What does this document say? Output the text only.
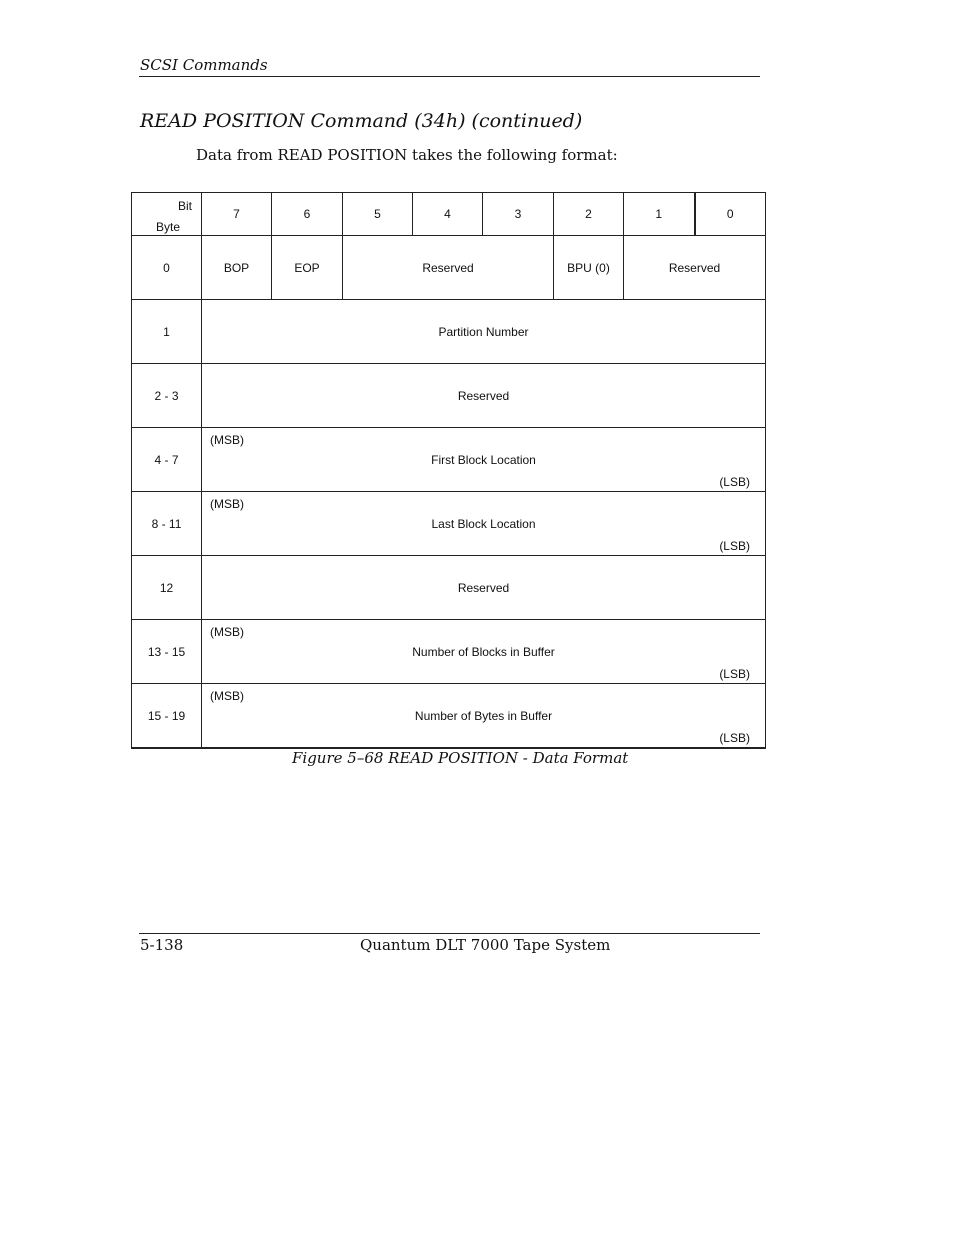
SCSI Commands
READ POSITION Command (34h) (continued)
Data from READ POSITION takes the following format:
Bit
Byte	7	6	5	4	3	2	1	0
0	BOP	EOP	Reserved			BPU (0)	Reserved	
1	Partition Number							
2 - 3	Reserved							
4 - 7	(MSB)
First Block Location
(LSB)							

8 - 11	(MSB)
Last Block Location
(LSB)							

12	Reserved							
13 - 15	(MSB)
Number of Blocks in Buffer
(LSB)							

15 - 19	(MSB)
Number of Bytes in Buffer
(LSB)							
Figure 5–68 READ POSITION - Data Format
5-138	Quantum DLT 7000 Tape System
